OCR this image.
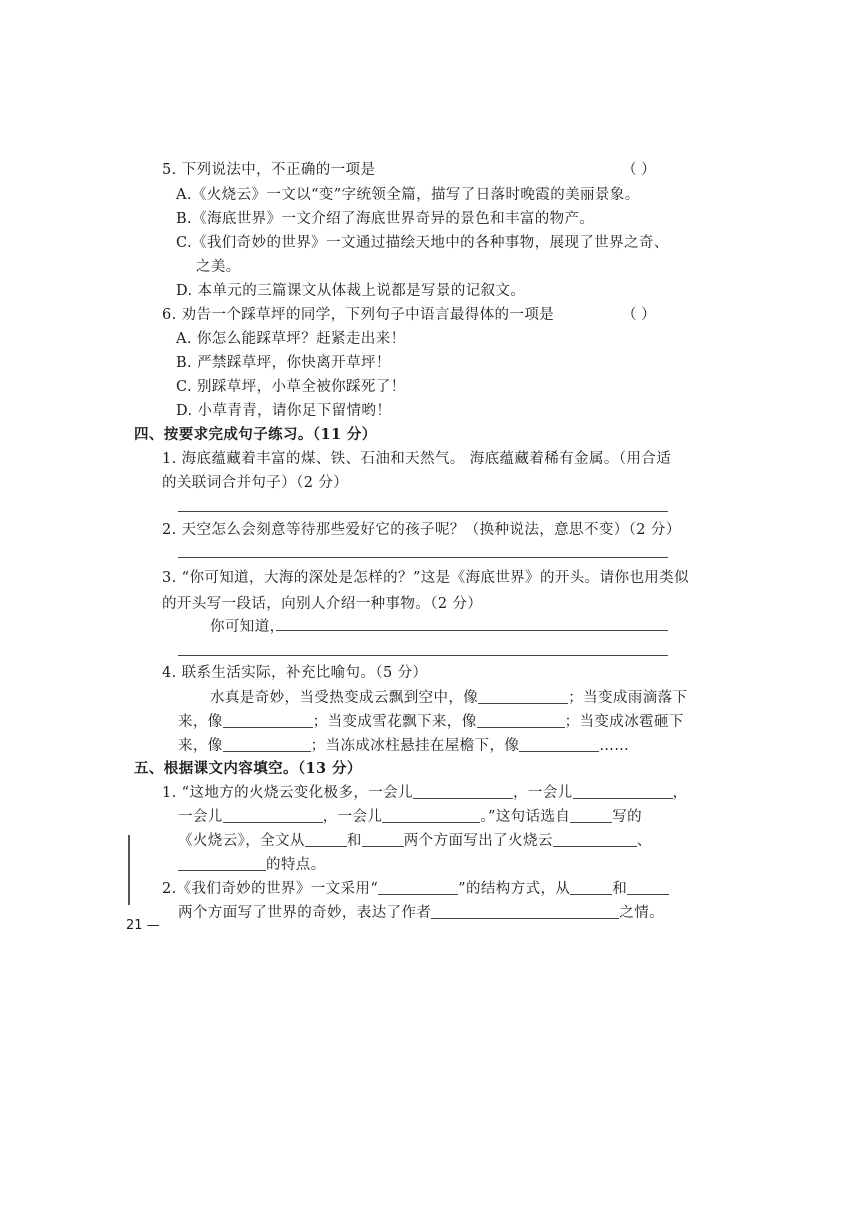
5. 下列说法中，不正确的一项是	（ ）
A.《火烧云》一文以“变”字统领全篇，描写了日落时晚霞的美丽景象。
B.《海底世界》一文介绍了海底世界奇异的景色和丰富的物产。
C.《我们奇妙的世界》一文通过描绘天地中的各种事物，展现了世界之奇、
之美。
D. 本单元的三篇课文从体裁上说都是写景的记叙文。
6. 劝告一个踩草坪的同学，下列句子中语言最得体的一项是	（ ）
A. 你怎么能踩草坪？赶紧走出来！
B. 严禁踩草坪，你快离开草坪！
C. 别踩草坪，小草全被你踩死了！
D. 小草青青，请你足下留情哟！
四、按要求完成句子练习。（11 分）
1. 海底蕴藏着丰富的煤、铁、石油和天然气。 海底蕴藏着稀有金属。（用合适
的关联词合并句子）（2 分）
2. 天空怎么会刻意等待那些爱好它的孩子呢？（换种说法，意思不变）（2 分）
3. “你可知道，大海的深处是怎样的？”这是《海底世界》的开头。请你也用类似
的开头写一段话，向别人介绍一种事物。（2 分）
你可知道，
4. 联系生活实际，补充比喻句。（5 分）
水真是奇妙，当受热变成云飘到空中，像	；当变成雨滴落下
来，像	；当变成雪花飘下来，像	；当变成冰雹砸下
来，像	；当冻成冰柱悬挂在屋檐下，像	……
五、根据课文内容填空。（13 分）
1. “这地方的火烧云变化极多，一会儿	，一会儿	，
一会儿	，一会儿	。”这句话选自	写的
《火烧云》，全文从	和	两个方面写出了火烧云	、
的特点。
2.《我们奇妙的世界》一文采用“	”的结构方式，从	和
两个方面写了世界的奇妙，表达了作者	之情。
21 —
